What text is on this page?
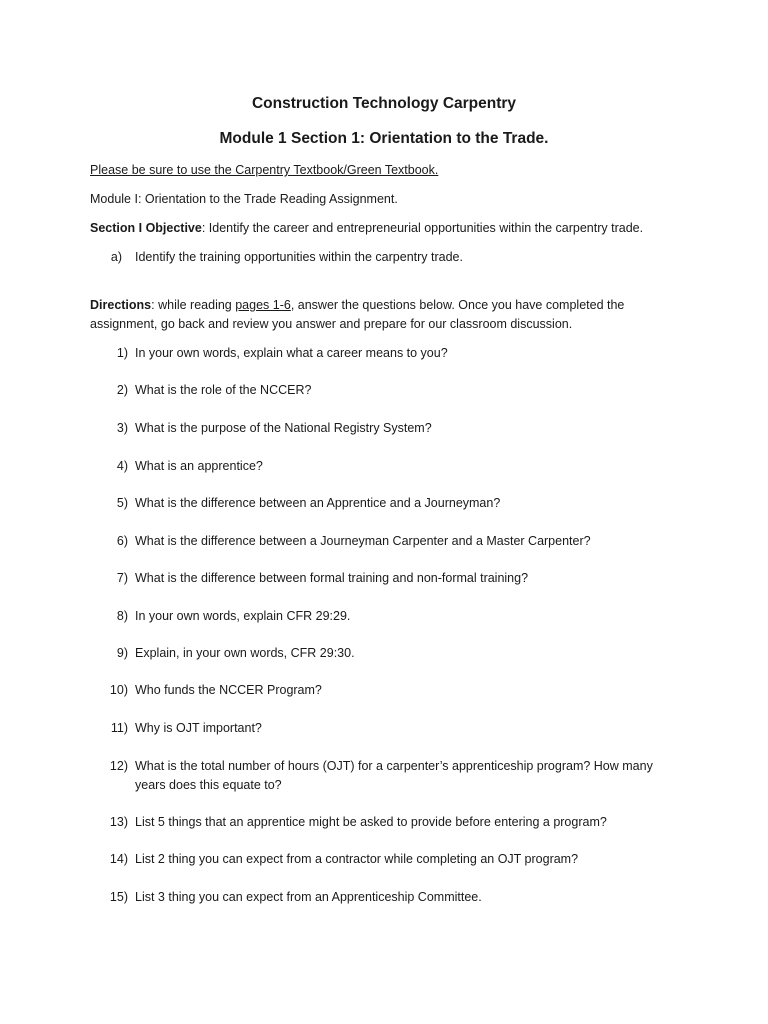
Construction Technology Carpentry
Module 1 Section 1: Orientation to the Trade.
Please be sure to use the Carpentry Textbook/Green Textbook.
Module I: Orientation to the Trade Reading Assignment.
Section I Objective: Identify the career and entrepreneurial opportunities within the carpentry trade.
a) Identify the training opportunities within the carpentry trade.
Directions: while reading pages 1-6, answer the questions below. Once you have completed the
assignment, go back and review you answer and prepare for our classroom discussion.
1) In your own words, explain what a career means to you?
2) What is the role of the NCCER?
3) What is the purpose of the National Registry System?
4) What is an apprentice?
5) What is the difference between an Apprentice and a Journeyman?
6) What is the difference between a Journeyman Carpenter and a Master Carpenter?
7) What is the difference between formal training and non-formal training?
8) In your own words, explain CFR 29:29.
9) Explain, in your own words, CFR 29:30.
10) Who funds the NCCER Program?
11) Why is OJT important?
12) What is the total number of hours (OJT) for a carpenter’s apprenticeship program? How many years does this equate to?
13) List 5 things that an apprentice might be asked to provide before entering a program?
14) List 2 thing you can expect from a contractor while completing an OJT program?
15) List 3 thing you can expect from an Apprenticeship Committee.
